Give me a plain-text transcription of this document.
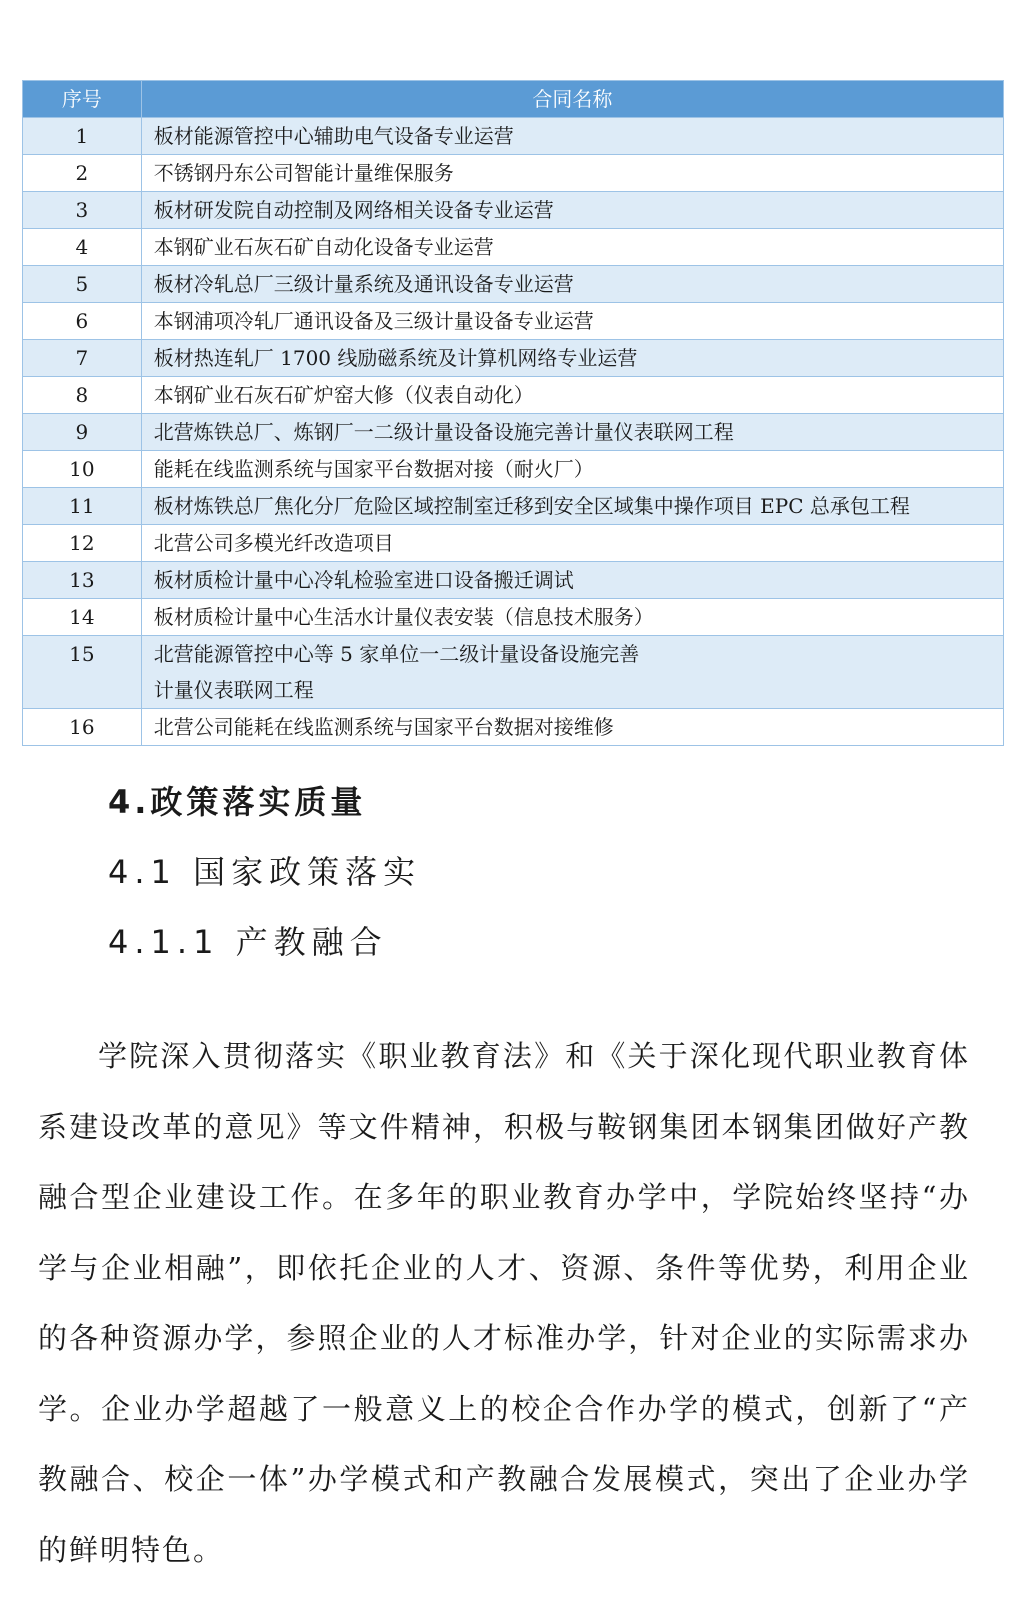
序号	合同名称
1	板材能源管控中心辅助电气设备专业运营
2	不锈钢丹东公司智能计量维保服务
3	板材研发院自动控制及网络相关设备专业运营
4	本钢矿业石灰石矿自动化设备专业运营
5	板材冷轧总厂三级计量系统及通讯设备专业运营
6	本钢浦项冷轧厂通讯设备及三级计量设备专业运营
7	板材热连轧厂 1700 线励磁系统及计算机网络专业运营
8	本钢矿业石灰石矿炉窑大修（仪表自动化）
9	北营炼铁总厂、炼钢厂一二级计量设备设施完善计量仪表联网工程
10	能耗在线监测系统与国家平台数据对接（耐火厂）
11	板材炼铁总厂焦化分厂危险区域控制室迁移到安全区域集中操作项目 EPC 总承包工程
12	北营公司多模光纤改造项目
13	板材质检计量中心冷轧检验室进口设备搬迁调试
14	板材质检计量中心生活水计量仪表安装（信息技术服务）
15	北营能源管控中心等 5 家单位一二级计量设备设施完善
计量仪表联网工程

16	北营公司能耗在线监测系统与国家平台数据对接维修
4.政策落实质量
4.1 国家政策落实
4.1.1 产教融合

学院深入贯彻落实《职业教育法》和《关于深化现代职业教育体系建设改革的意见》等文件精神，积极与鞍钢集团本钢集团做好产教融合型企业建设工作。在多年的职业教育办学中，学院始终坚持“办学与企业相融”，即依托企业的人才、资源、条件等优势，利用企业的各种资源办学，参照企业的人才标准办学，针对企业的实际需求办学。企业办学超越了一般意义上的校企合作办学的模式，创新了“产教融合、校企一体”办学模式和产教融合发展模式，突出了企业办学的鲜明特色。
